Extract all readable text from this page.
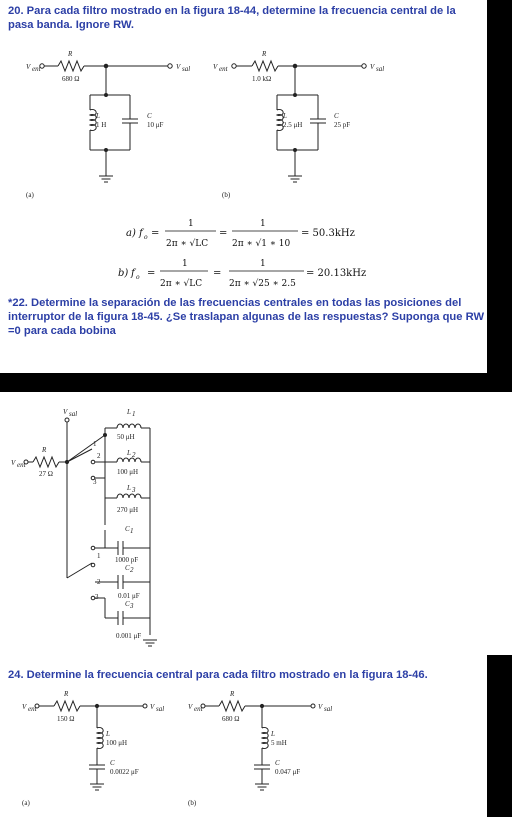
20. Para cada filtro mostrado en la figura 18-44, determine la frecuencia central de la pasa banda. Ignore RW.
*22. Determine la separación de las frecuencias centrales en todas las posiciones del interruptor de la figura 18-45. ¿Se traslapan algunas de las respuestas? Suponga que RW =0 para cada bobina
24. Determine la frecuencia central para cada filtro mostrado en la figura 18-46.
V ent	V sal
R
680 Ω
L
1 H
C
10 μF
(a)
V ent	V sal
R
1.0 kΩ
L
2.5 μH
C
25 pF
(b)
a) f o =
1
2π ∗ √LC
=
1
2π ∗ √1 ∗ 10
= 50.3kHz
b) f o =
1
2π ∗ √LC
=
1
2π ∗ √25 ∗ 2.5
= 20.13kHz
V sal
V ent
R
27 Ω
1
2
3
L 1
50 μH
L 2
100 μH
L 3
270 μH
C 1
1000 pF
C 2
0.01 μF
C 3
0.001 μF
1
2
3
V ent	V sal
R
150 Ω
L
100 μH
C
0.0022 μF
(a)
V ent	V sal
R
680 Ω
L
5 mH
C
0.047 μF
(b)
